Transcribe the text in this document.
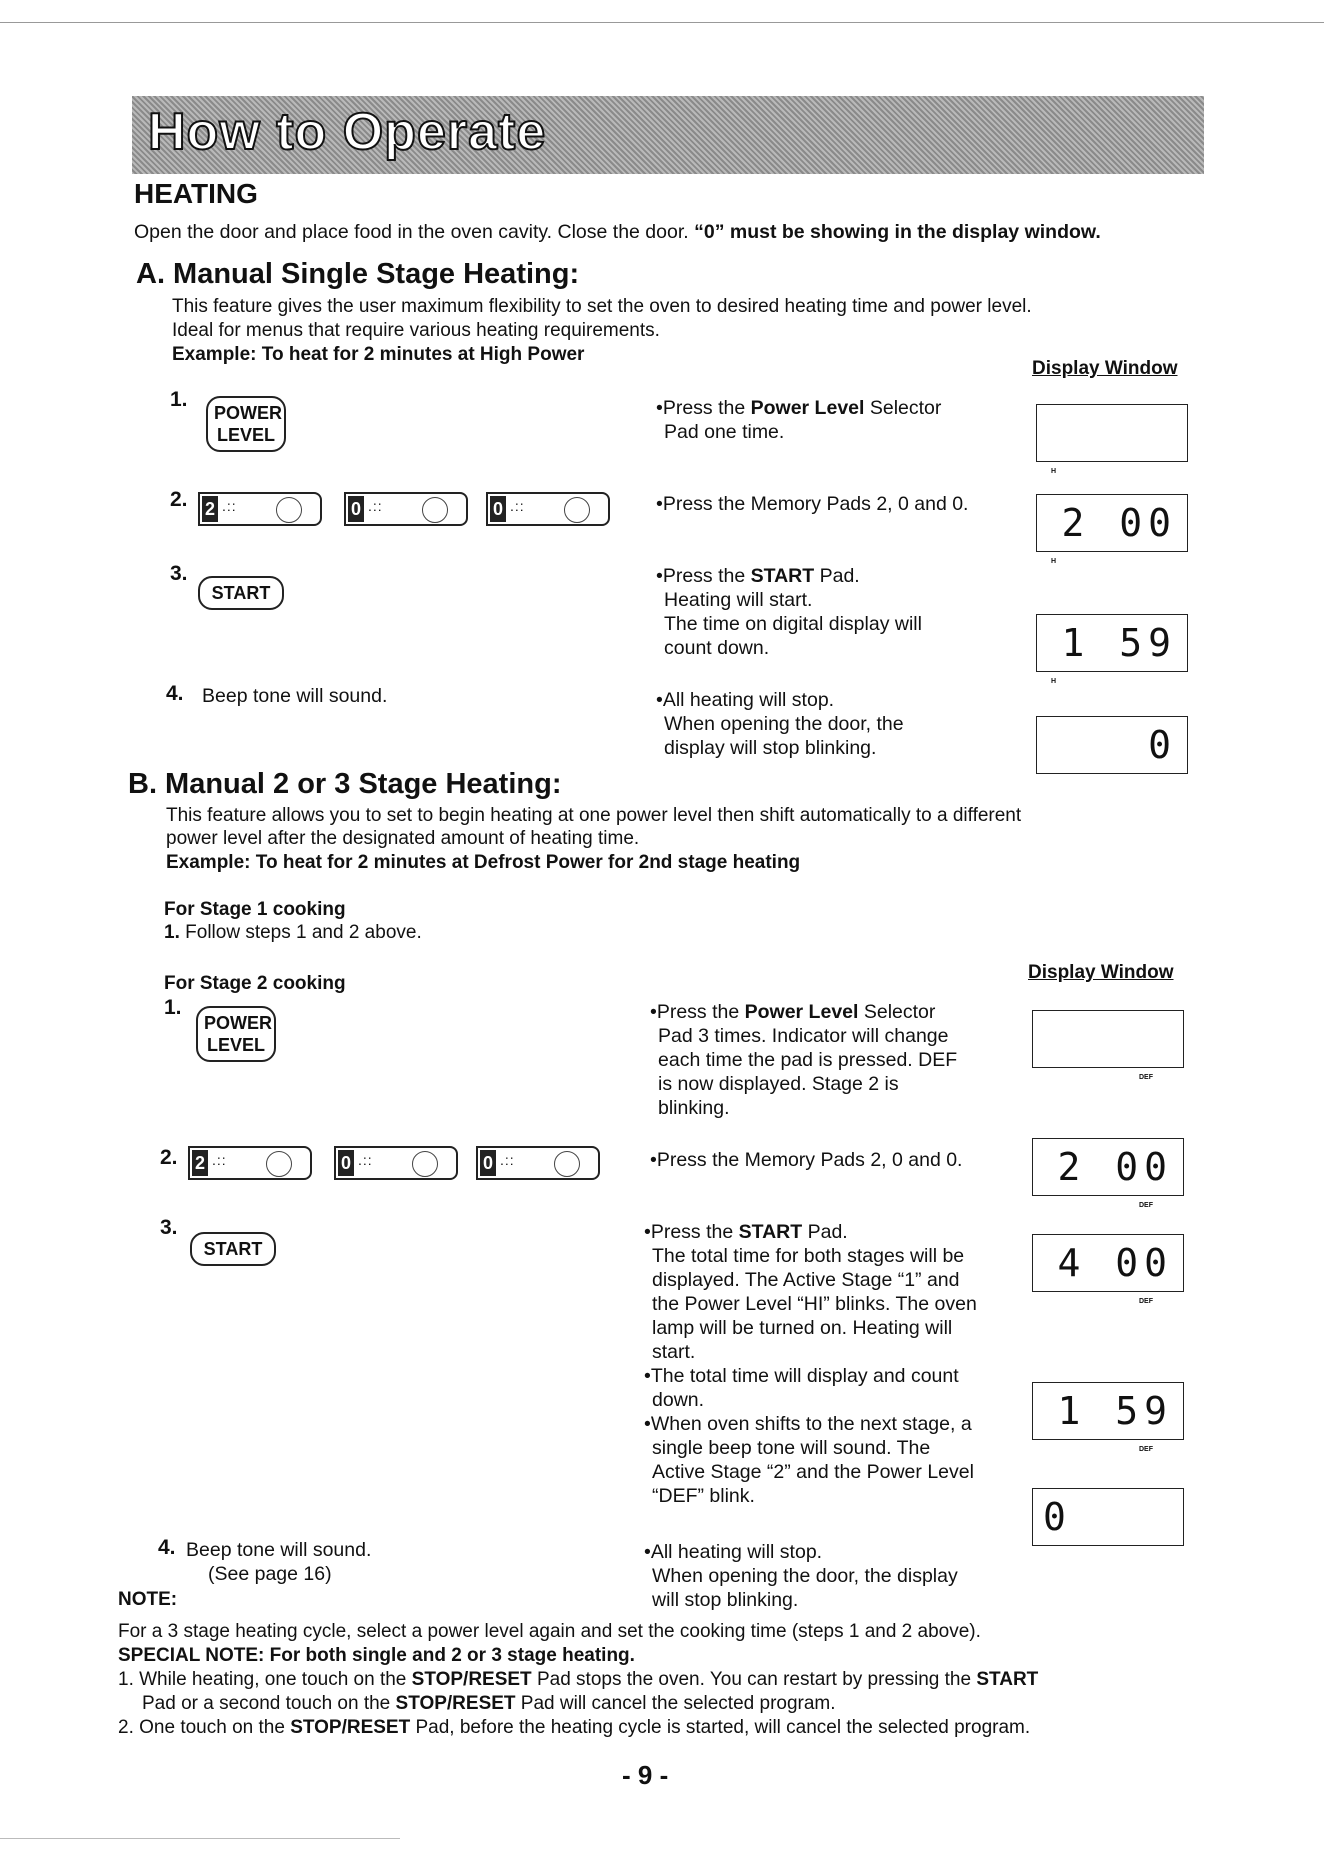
How to Operate
HEATING
Open the door and place food in the oven cavity. Close the door. “0” must be showing in the display window.
A. Manual Single Stage Heating:
This feature gives the user maximum flexibility to set the oven to desired heating time and power level.
Ideal for menus that require various heating requirements.
Example: To heat for 2 minutes at High Power
Display Window
1.
POWER
LEVEL
•Press the Power Level Selector
Pad one time.
H
2. 2 .::	0 .::	0 .::	•Press the Memory Pads 2, 0 and 0. 2 00
H
3.
START
•Press the START Pad.
Heating will start.
The time on digital display will
count down.	1 59
H
4. Beep tone will sound.	•All heating will stop.
When opening the door, the
display will stop blinking.	0
B. Manual 2 or 3 Stage Heating:
This feature allows you to set to begin heating at one power level then shift automatically to a different
power level after the designated amount of heating time.
Example: To heat for 2 minutes at Defrost Power for 2nd stage heating
For Stage 1 cooking
1. Follow steps 1 and 2 above.
For Stage 2 cooking
Display Window
1.
POWER
LEVEL
•Press the Power Level Selector
Pad 3 times. Indicator will change
each time the pad is pressed. DEF
is now displayed. Stage 2 is
blinking.
DEF
2. 2 .::	0 .::	0 .::	•Press the Memory Pads 2, 0 and 0.	2 00
DEF
3.
START
•Press the START Pad.
The total time for both stages will be
displayed. The Active Stage “1” and
the Power Level “HI” blinks. The oven
lamp will be turned on. Heating will
start.
•The total time will display and count
down.
•When oven shifts to the next stage, a
single beep tone will sound. The
Active Stage “2” and the Power Level
“DEF” blink.
4 00
DEF
1 59
DEF
4. Beep tone will sound.
(See page 16)
•All heating will stop.
When opening the door, the display
will stop blinking.
0
NOTE:
For a 3 stage heating cycle, select a power level again and set the cooking time (steps 1 and 2 above).
SPECIAL NOTE: For both single and 2 or 3 stage heating.
1. While heating, one touch on the STOP/RESET Pad stops the oven. You can restart by pressing the START
Pad or a second touch on the STOP/RESET Pad will cancel the selected program.
2. One touch on the STOP/RESET Pad, before the heating cycle is started, will cancel the selected program.
- 9 -
